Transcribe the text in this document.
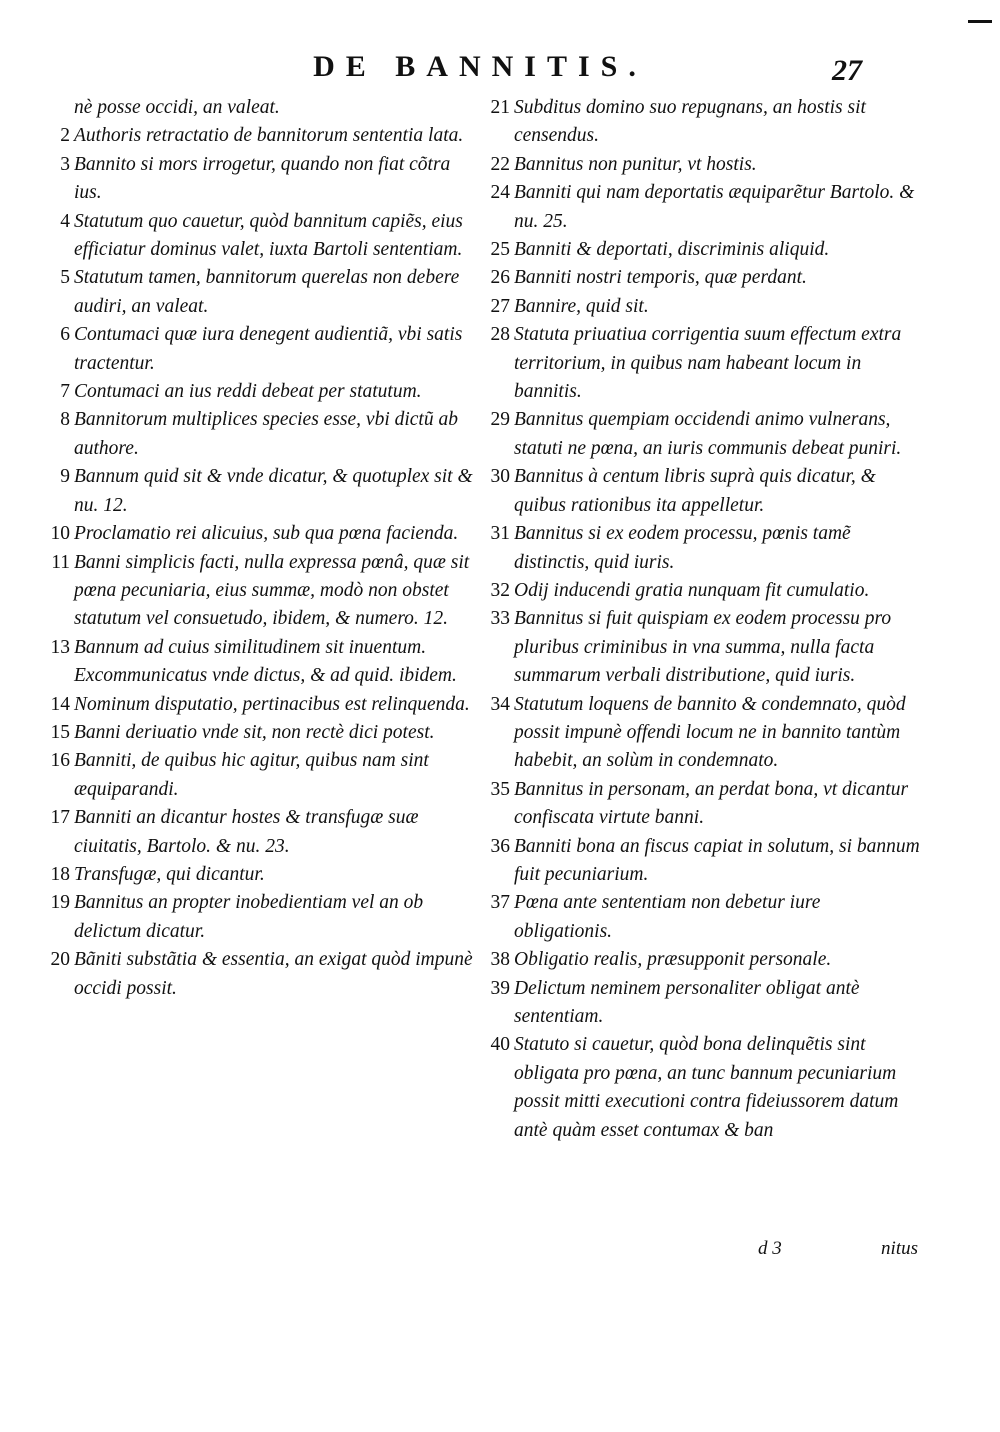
DE BANNITIS.	27
nè posse occidi, an valeat.
2 Authoris retractatio de bannitorum sententia lata.
3 Bannito si mors irrogetur, quando non fiat cõtra ius.
4 Statutum quo cauetur, quòd bannitum capiẽs, eius efficiatur dominus valet, iuxta Bartoli sententiam.
5 Statutum tamen, bannitorum querelas non debere audiri, an valeat.
6 Contumaci quæ iura denegent audientiã, vbi satis tractentur.
7 Contumaci an ius reddi debeat per statutum.
8 Bannitorum multiplices species esse, vbi dictũ ab authore.
9 Bannum quid sit & vnde dicatur, & quotuplex sit & nu. 12.
10 Proclamatio rei alicuius, sub qua pœna facienda.
11 Banni simplicis facti, nulla expressa pœnâ, quæ sit pœna pecuniaria, eius summæ, modò non obstet statutum vel consuetudo, ibidem, & numero. 12.
13 Bannum ad cuius similitudinem sit inuentum. Excommunicatus vnde dictus, & ad quid. ibidem.
14 Nominum disputatio, pertinacibus est relinquenda.
15 Banni deriuatio vnde sit, non rectè dici potest.
16 Banniti, de quibus hic agitur, quibus nam sint æquiparandi.
17 Banniti an dicantur hostes & transfugæ suæ ciuitatis, Bartolo. & nu. 23.
18 Transfugæ, qui dicantur.
19 Bannitus an propter inobedientiam vel an ob delictum dicatur.
20 Bãniti substãtia & essentia, an exigat quòd impunè occidi possit.
21 Subditus domino suo repugnans, an hostis sit censendus.
22 Bannitus non punitur, vt hostis.
24 Banniti qui nam deportatis æquiparẽtur Bartolo. & nu. 25.
25 Banniti & deportati, discriminis aliquid.
26 Banniti nostri temporis, quæ perdant.
27 Bannire, quid sit.
28 Statuta priuatiua corrigentia suum effectum extra territorium, in quibus nam habeant locum in bannitis.
29 Bannitus quempiam occidendi animo vulnerans, statuti ne pœna, an iuris communis debeat puniri.
30 Bannitus à centum libris suprà quis dicatur, & quibus rationibus ita appelletur.
31 Bannitus si ex eodem processu, pœnis tamẽ distinctis, quid iuris.
32 Odij inducendi gratia nunquam fit cumulatio.
33 Bannitus si fuit quispiam ex eodem processu pro pluribus criminibus in vna summa, nulla facta summarum verbali distributione, quid iuris.
34 Statutum loquens de bannito & condemnato, quòd possit impunè offendi locum ne in bannito tantùm habebit, an solùm in condemnato.
35 Bannitus in personam, an perdat bona, vt dicantur confiscata virtute banni.
36 Banniti bona an fiscus capiat in solutum, si bannum fuit pecuniarium.
37 Pœna ante sententiam non debetur iure obligationis.
38 Obligatio realis, præsupponit personale.
39 Delictum neminem personaliter obligat antè sententiam.
40 Statuto si cauetur, quòd bona delinquẽtis sint obligata pro pœna, an tunc bannum pecuniarium possit mitti executioni contra fideiussorem datum antè quàm esset contumax & ban
d 3	nitus
